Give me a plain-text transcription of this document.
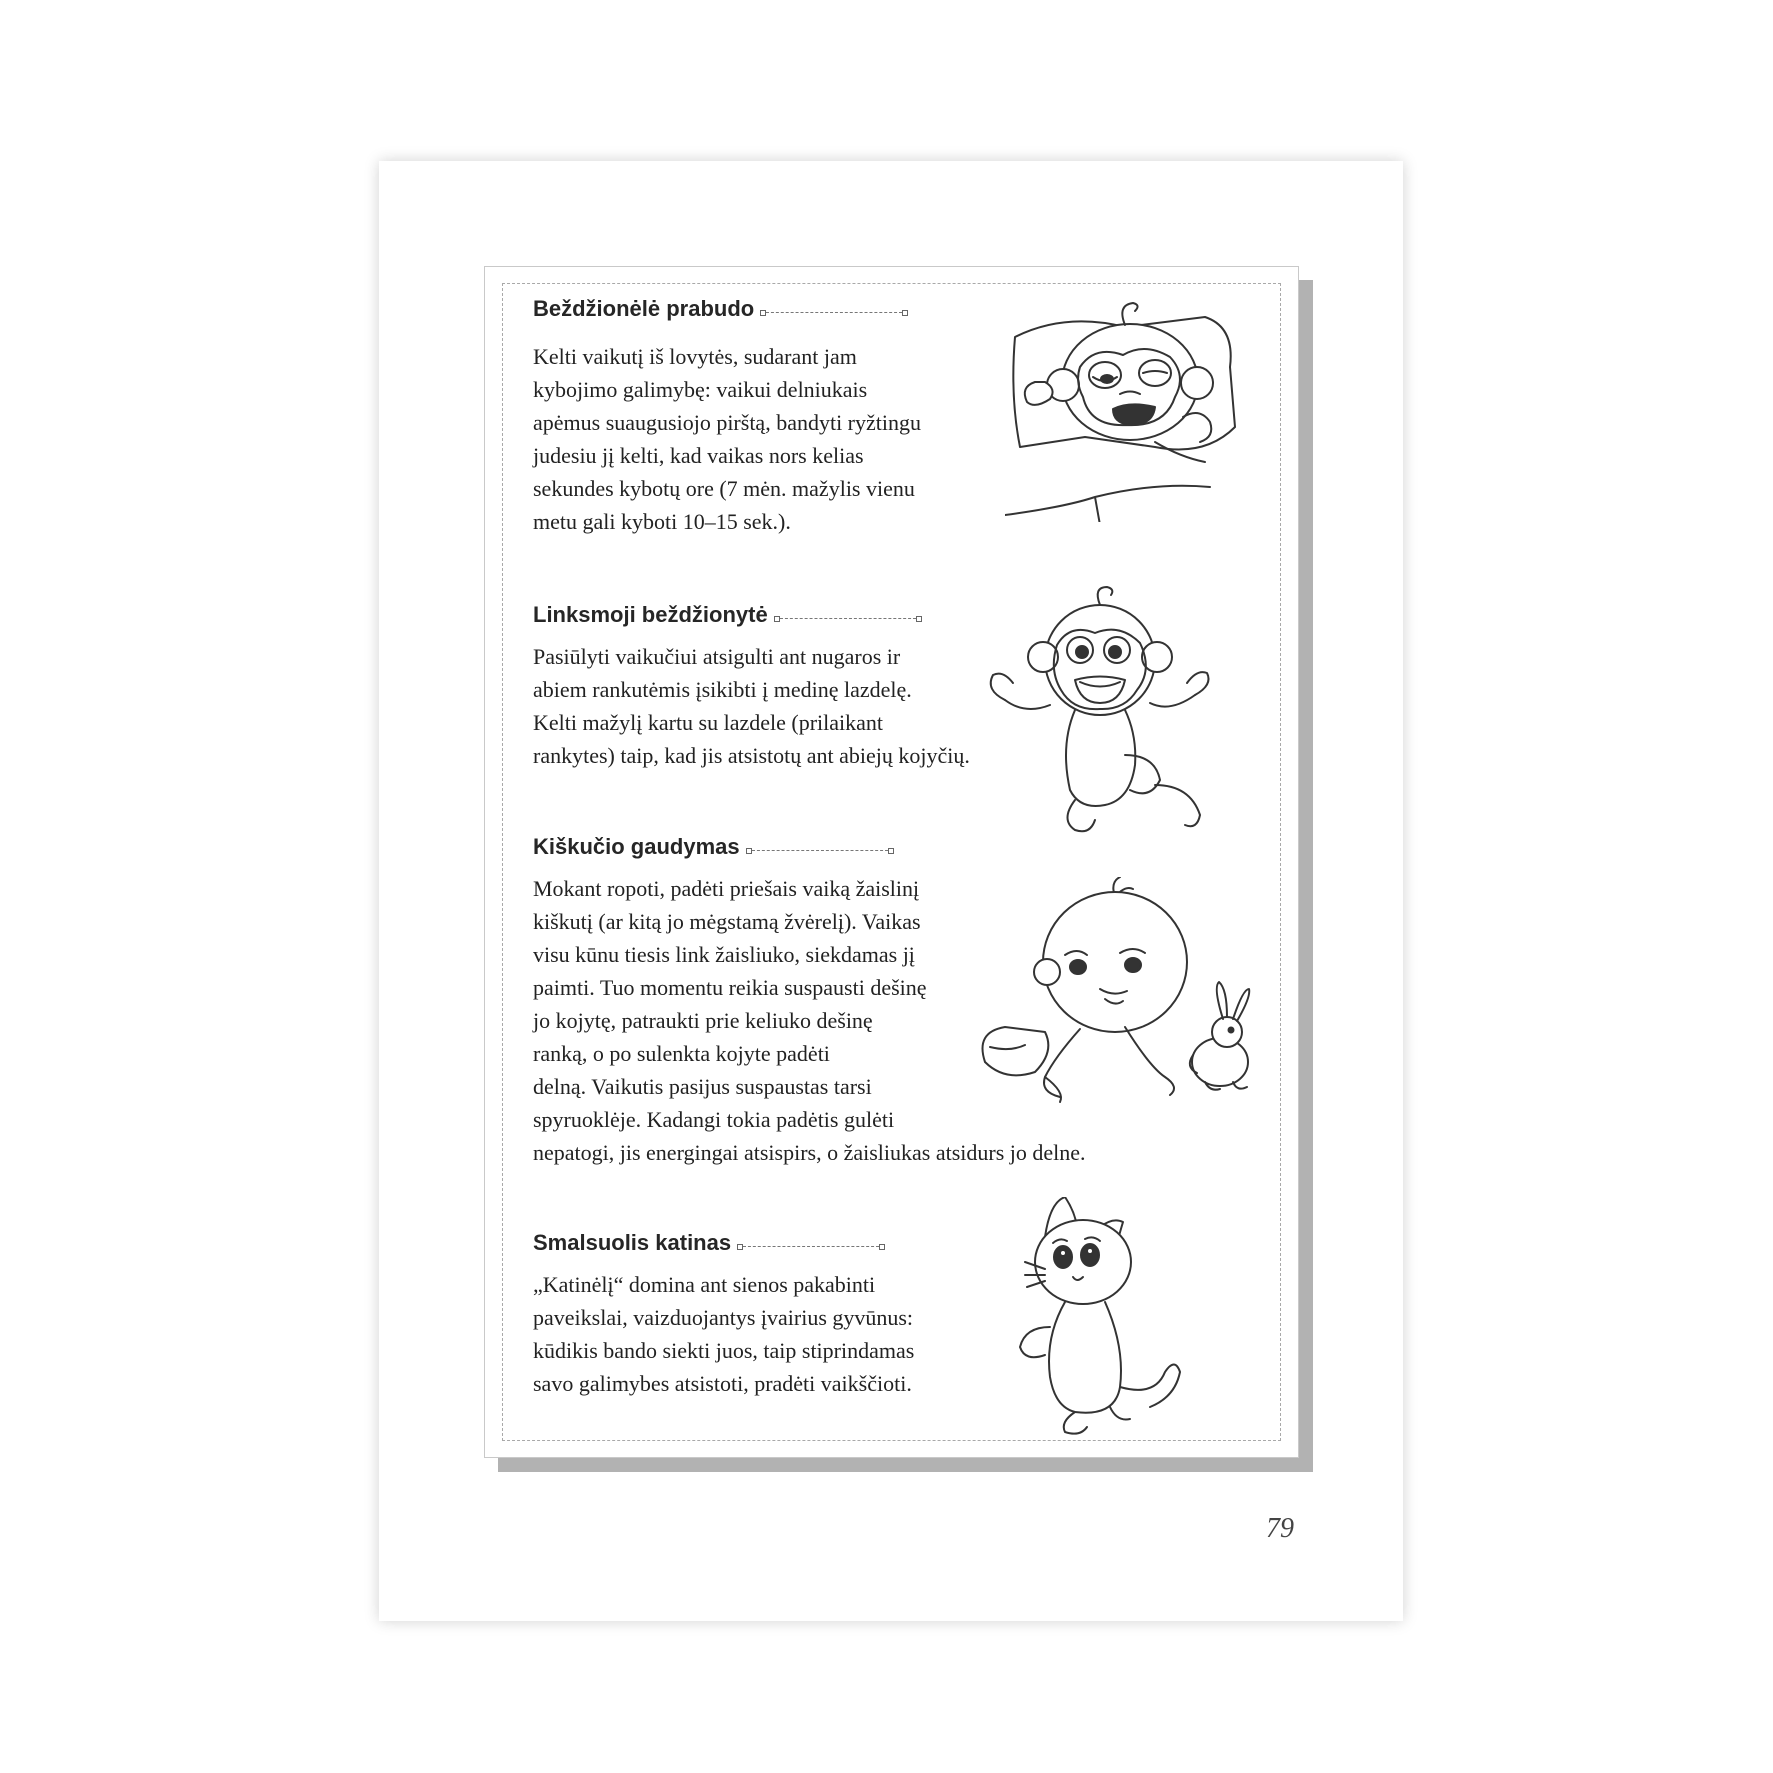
Beždžionėlė prabudo
Kelti vaikutį iš lovytės, sudarant jam
kybojimo galimybę: vaikui delniukais
apėmus suaugusiojo pirštą, bandyti ryžtingu
judesiu jį kelti, kad vaikas nors kelias
sekundes kybotų ore (7 mėn. mažylis vienu
metu gali kyboti 10–15 sek.).
Linksmoji beždžionytė
Pasiūlyti vaikučiui atsigulti ant nugaros ir
abiem rankutėmis įsikibti į medinę lazdelę.
Kelti mažylį kartu su lazdele (prilaikant
rankytes) taip, kad jis atsistotų ant abiejų kojyčių.
Kiškučio gaudymas
Mokant ropoti, padėti priešais vaiką žaislinį
kiškutį (ar kitą jo mėgstamą žvėrelį). Vaikas
visu kūnu tiesis link žaisliuko, siekdamas jį
paimti. Tuo momentu reikia suspausti dešinę
jo kojytę, patraukti prie keliuko dešinę
ranką, o po sulenkta kojyte padėti
delną. Vaikutis pasijus suspaustas tarsi
spyruoklėje. Kadangi tokia padėtis gulėti
nepatogi, jis energingai atsispirs, o žaisliukas atsidurs jo delne.
Smalsuolis katinas
„Katinėlį“ domina ant sienos pakabinti
paveikslai, vaizduojantys įvairius gyvūnus:
kūdikis bando siekti juos, taip stiprindamas
savo galimybes atsistoti, pradėti vaikščioti.
79
